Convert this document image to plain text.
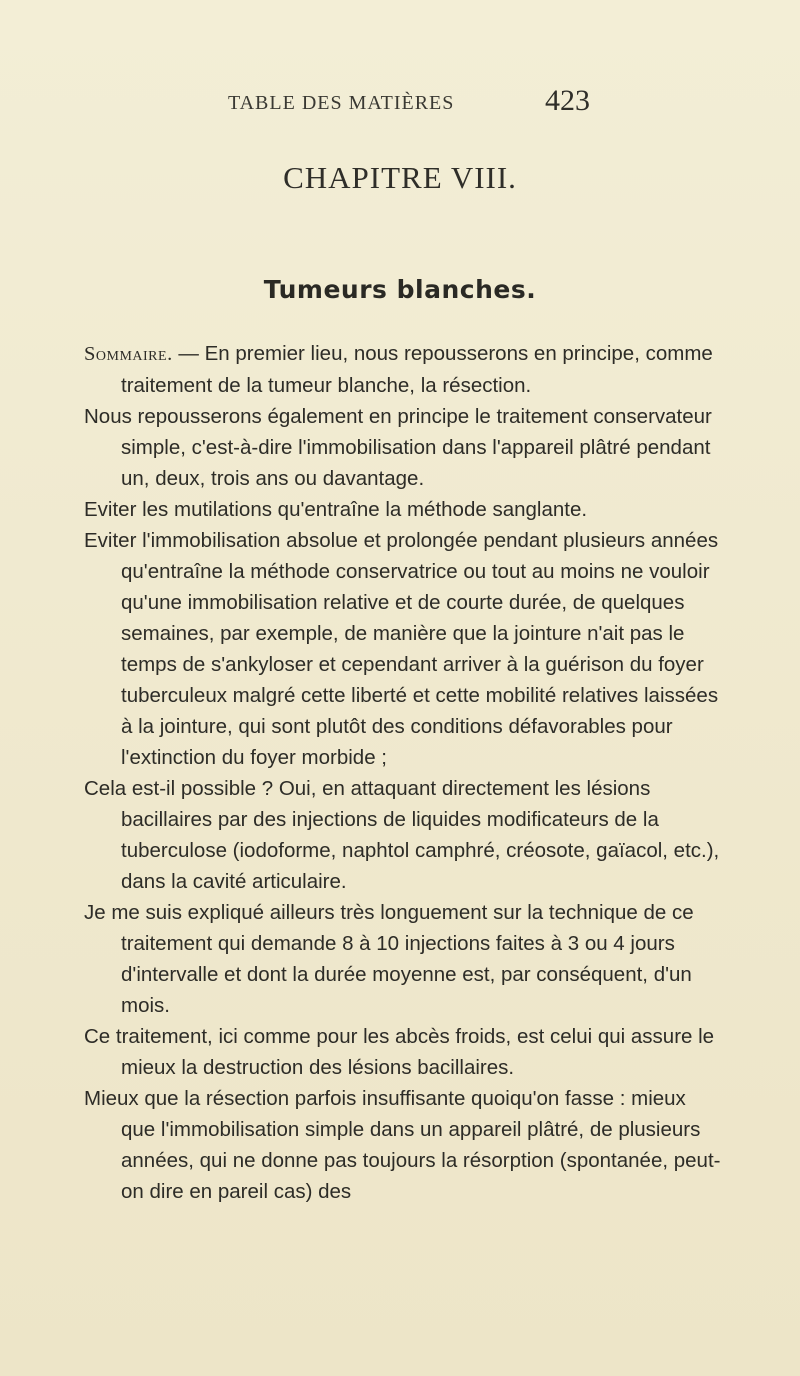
TABLE DES MATIÈRES	423
CHAPITRE VIII.
Tumeurs blanches.

Sommaire. — En premier lieu, nous repousserons en principe, comme traitement de la tumeur blanche, la résection.

Nous repousserons également en principe le traitement conservateur simple, c'est-à-dire l'immobilisation dans l'appareil plâtré pendant un, deux, trois ans ou davantage.

Eviter les mutilations qu'entraîne la méthode sanglante.

Eviter l'immobilisation absolue et prolongée pendant plusieurs années qu'entraîne la méthode conservatrice ou tout au moins ne vouloir qu'une immobilisation relative et de courte durée, de quelques semaines, par exemple, de manière que la jointure n'ait pas le temps de s'ankyloser et cependant arriver à la guérison du foyer tuberculeux malgré cette liberté et cette mobilité relatives laissées à la jointure, qui sont plutôt des conditions défavorables pour l'extinction du foyer morbide ;

Cela est-il possible ? Oui, en attaquant directement les lésions bacillaires par des injections de liquides modificateurs de la tuberculose (iodoforme, naphtol camphré, créosote, gaïacol, etc.), dans la cavité articulaire.

Je me suis expliqué ailleurs très longuement sur la technique de ce traitement qui demande 8 à 10 injections faites à 3 ou 4 jours d'intervalle et dont la durée moyenne est, par conséquent, d'un mois.

Ce traitement, ici comme pour les abcès froids, est celui qui assure le mieux la destruction des lésions bacillaires.

Mieux que la résection parfois insuffisante quoiqu'on fasse : mieux que l'immobilisation simple dans un appareil plâtré, de plusieurs années, qui ne donne pas toujours la résorption (spontanée, peut-on dire en pareil cas) des
